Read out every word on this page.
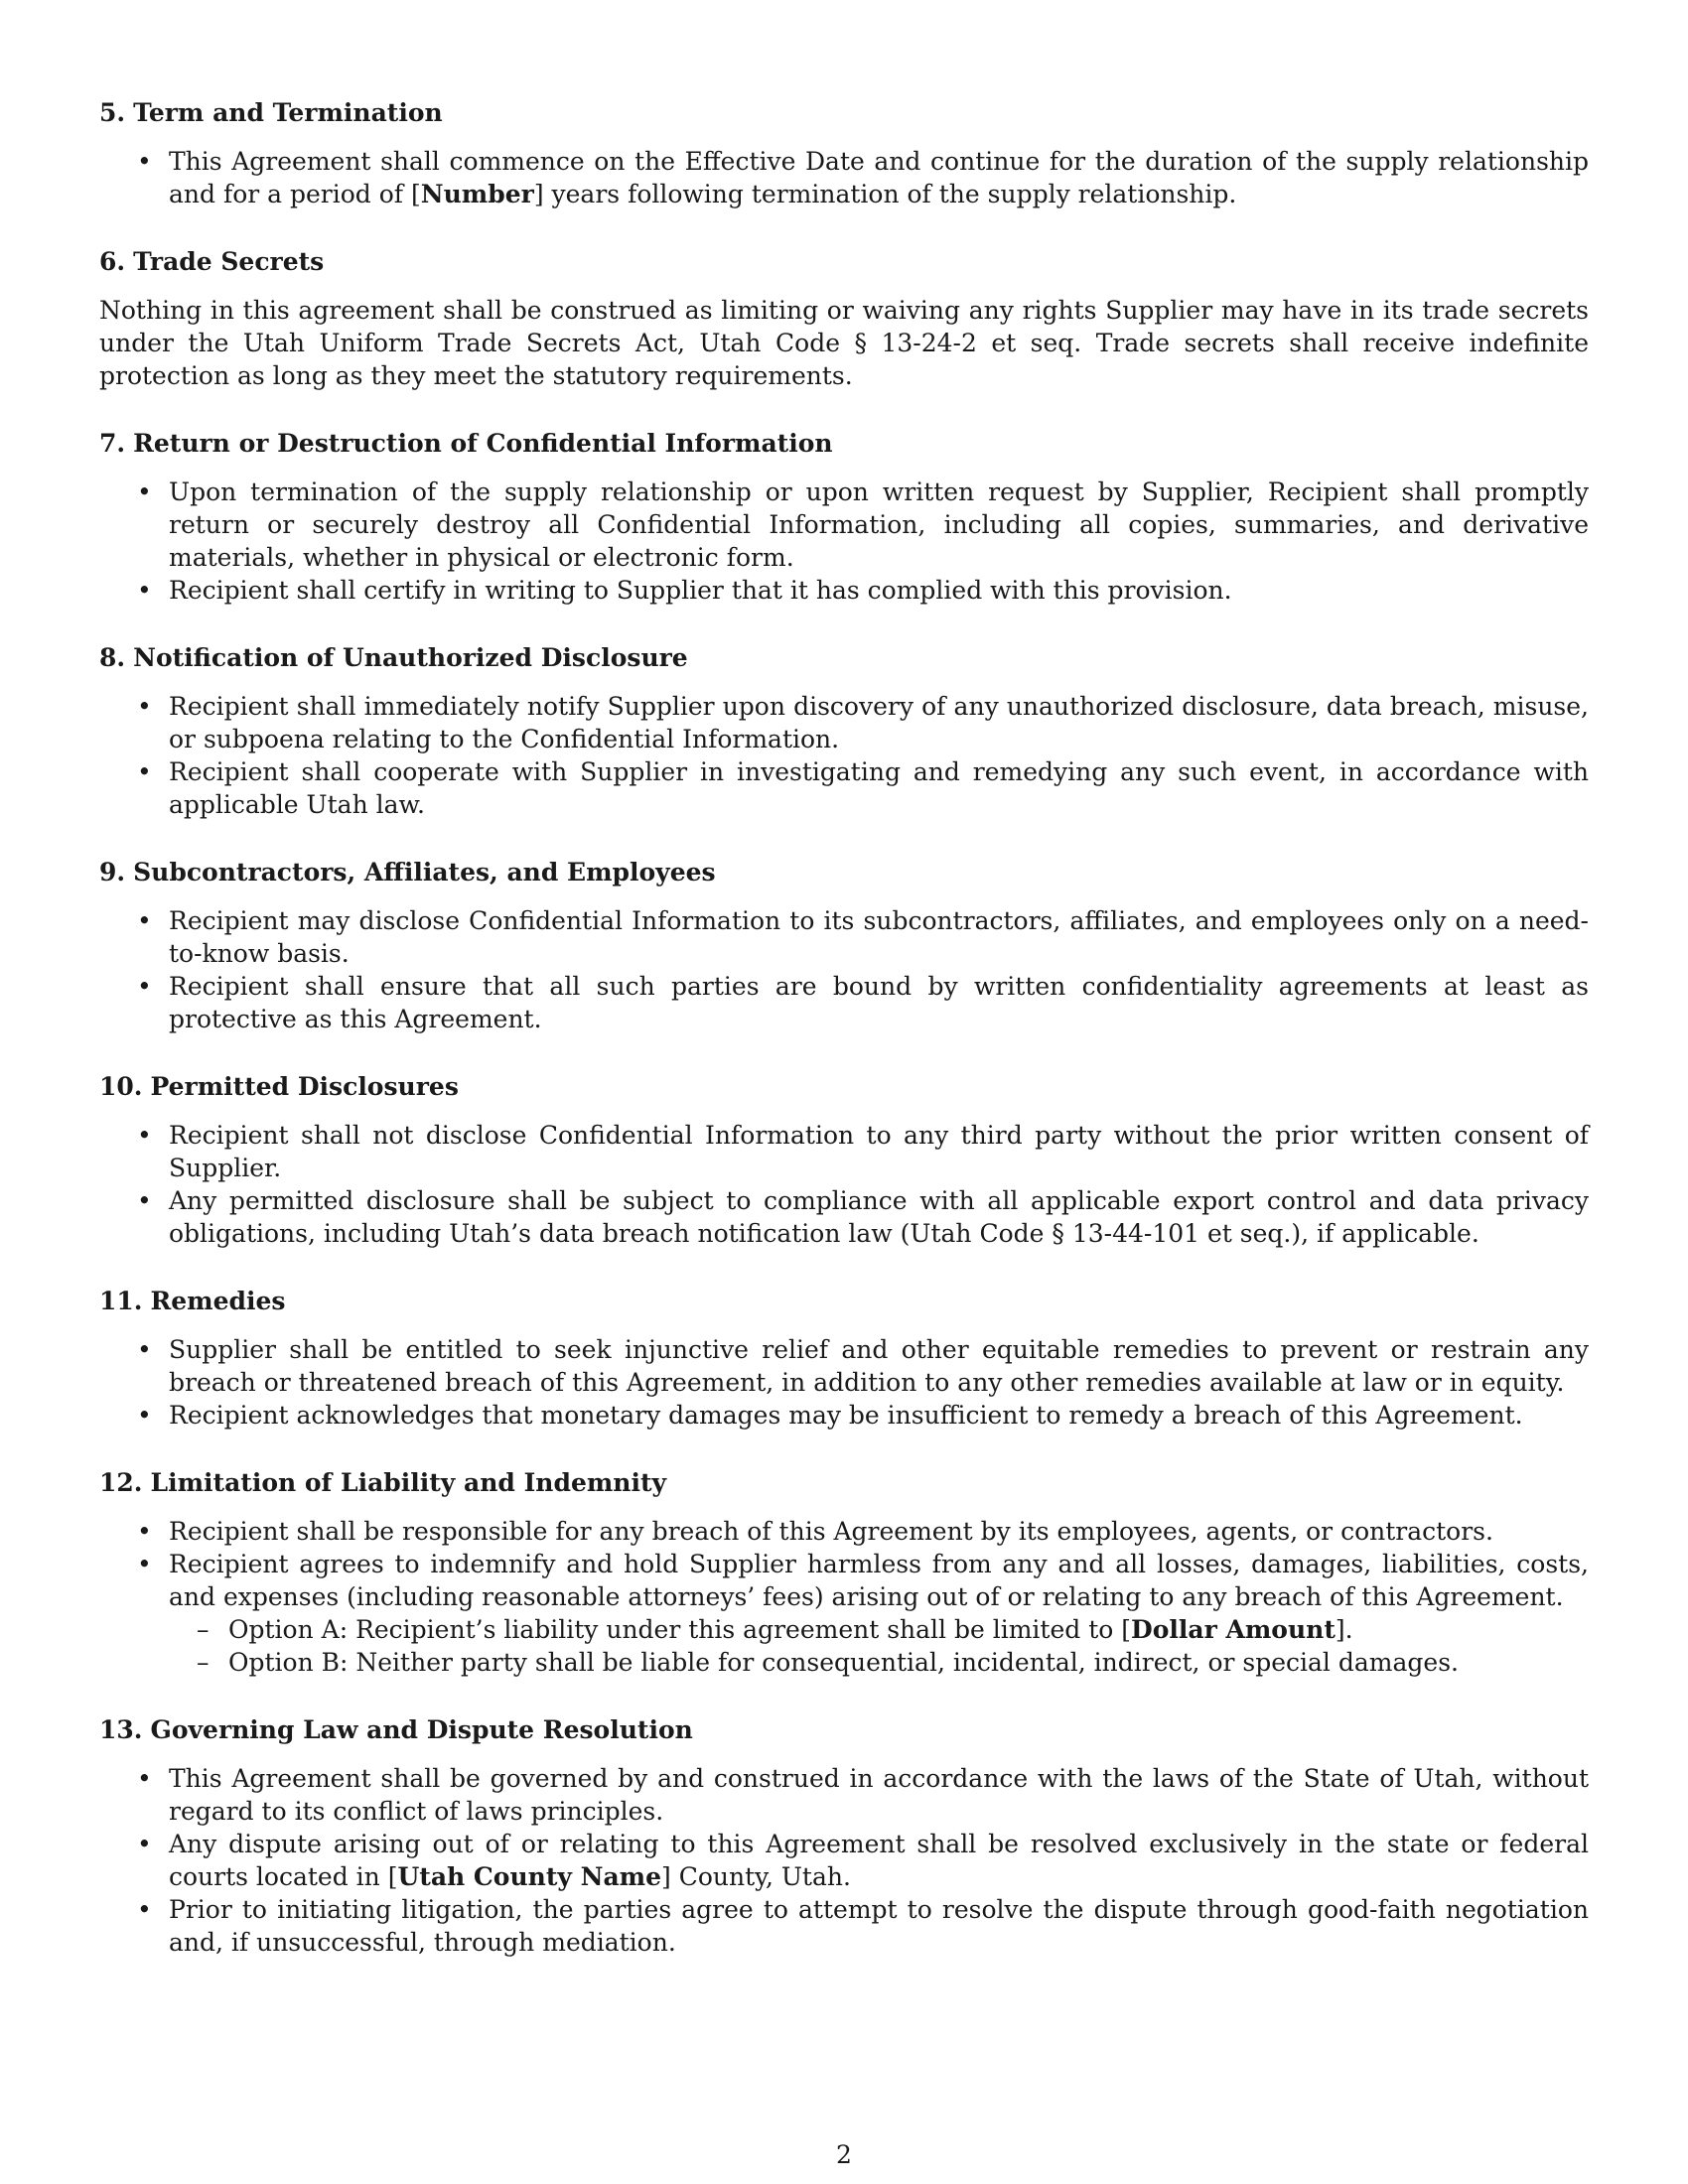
5. Term and Termination
• This Agreement shall commence on the Effective Date and continue for the duration of the supply relationship and for a period of [Number] years following termination of the supply relationship.
6. Trade Secrets

Nothing in this agreement shall be construed as limiting or waiving any rights Supplier may have in its trade secrets under the Utah Uniform Trade Secrets Act, Utah Code § 13-24-2 et seq. Trade secrets shall receive indefinite protection as long as they meet the statutory requirements.

7. Return or Destruction of Confidential Information
• Upon termination of the supply relationship or upon written request by Supplier, Recipient shall promptly return or securely destroy all Confidential Information, including all copies, summaries, and derivative materials, whether in physical or electronic form.
• Recipient shall certify in writing to Supplier that it has complied with this provision.
8. Notification of Unauthorized Disclosure
• Recipient shall immediately notify Supplier upon discovery of any unauthorized disclosure, data breach, misuse, or subpoena relating to the Confidential Information.
• Recipient shall cooperate with Supplier in investigating and remedying any such event, in accordance with applicable Utah law.
9. Subcontractors, Affiliates, and Employees
• Recipient may disclose Confidential Information to its subcontractors, affiliates, and employees only on a need-to-know basis.
• Recipient shall ensure that all such parties are bound by written confidentiality agreements at least as protective as this Agreement.
10. Permitted Disclosures
• Recipient shall not disclose Confidential Information to any third party without the prior written consent of Supplier.
• Any permitted disclosure shall be subject to compliance with all applicable export control and data privacy obligations, including Utah’s data breach notification law (Utah Code § 13-44-101 et seq.), if applicable.
11. Remedies
• Supplier shall be entitled to seek injunctive relief and other equitable remedies to prevent or restrain any breach or threatened breach of this Agreement, in addition to any other remedies available at law or in equity.
• Recipient acknowledges that monetary damages may be insufficient to remedy a breach of this Agreement.
12. Limitation of Liability and Indemnity
• Recipient shall be responsible for any breach of this Agreement by its employees, agents, or contractors.
• Recipient agrees to indemnify and hold Supplier harmless from any and all losses, damages, liabilities, costs, and expenses (including reasonable attorneys’ fees) arising out of or relating to any breach of this Agreement.
– Option A: Recipient’s liability under this agreement shall be limited to [Dollar Amount].
– Option B: Neither party shall be liable for consequential, incidental, indirect, or special damages.
13. Governing Law and Dispute Resolution
• This Agreement shall be governed by and construed in accordance with the laws of the State of Utah, without regard to its conflict of laws principles.
• Any dispute arising out of or relating to this Agreement shall be resolved exclusively in the state or federal courts located in [Utah County Name] County, Utah.
• Prior to initiating litigation, the parties agree to attempt to resolve the dispute through good-faith negotiation and, if unsuccessful, through mediation.
2
